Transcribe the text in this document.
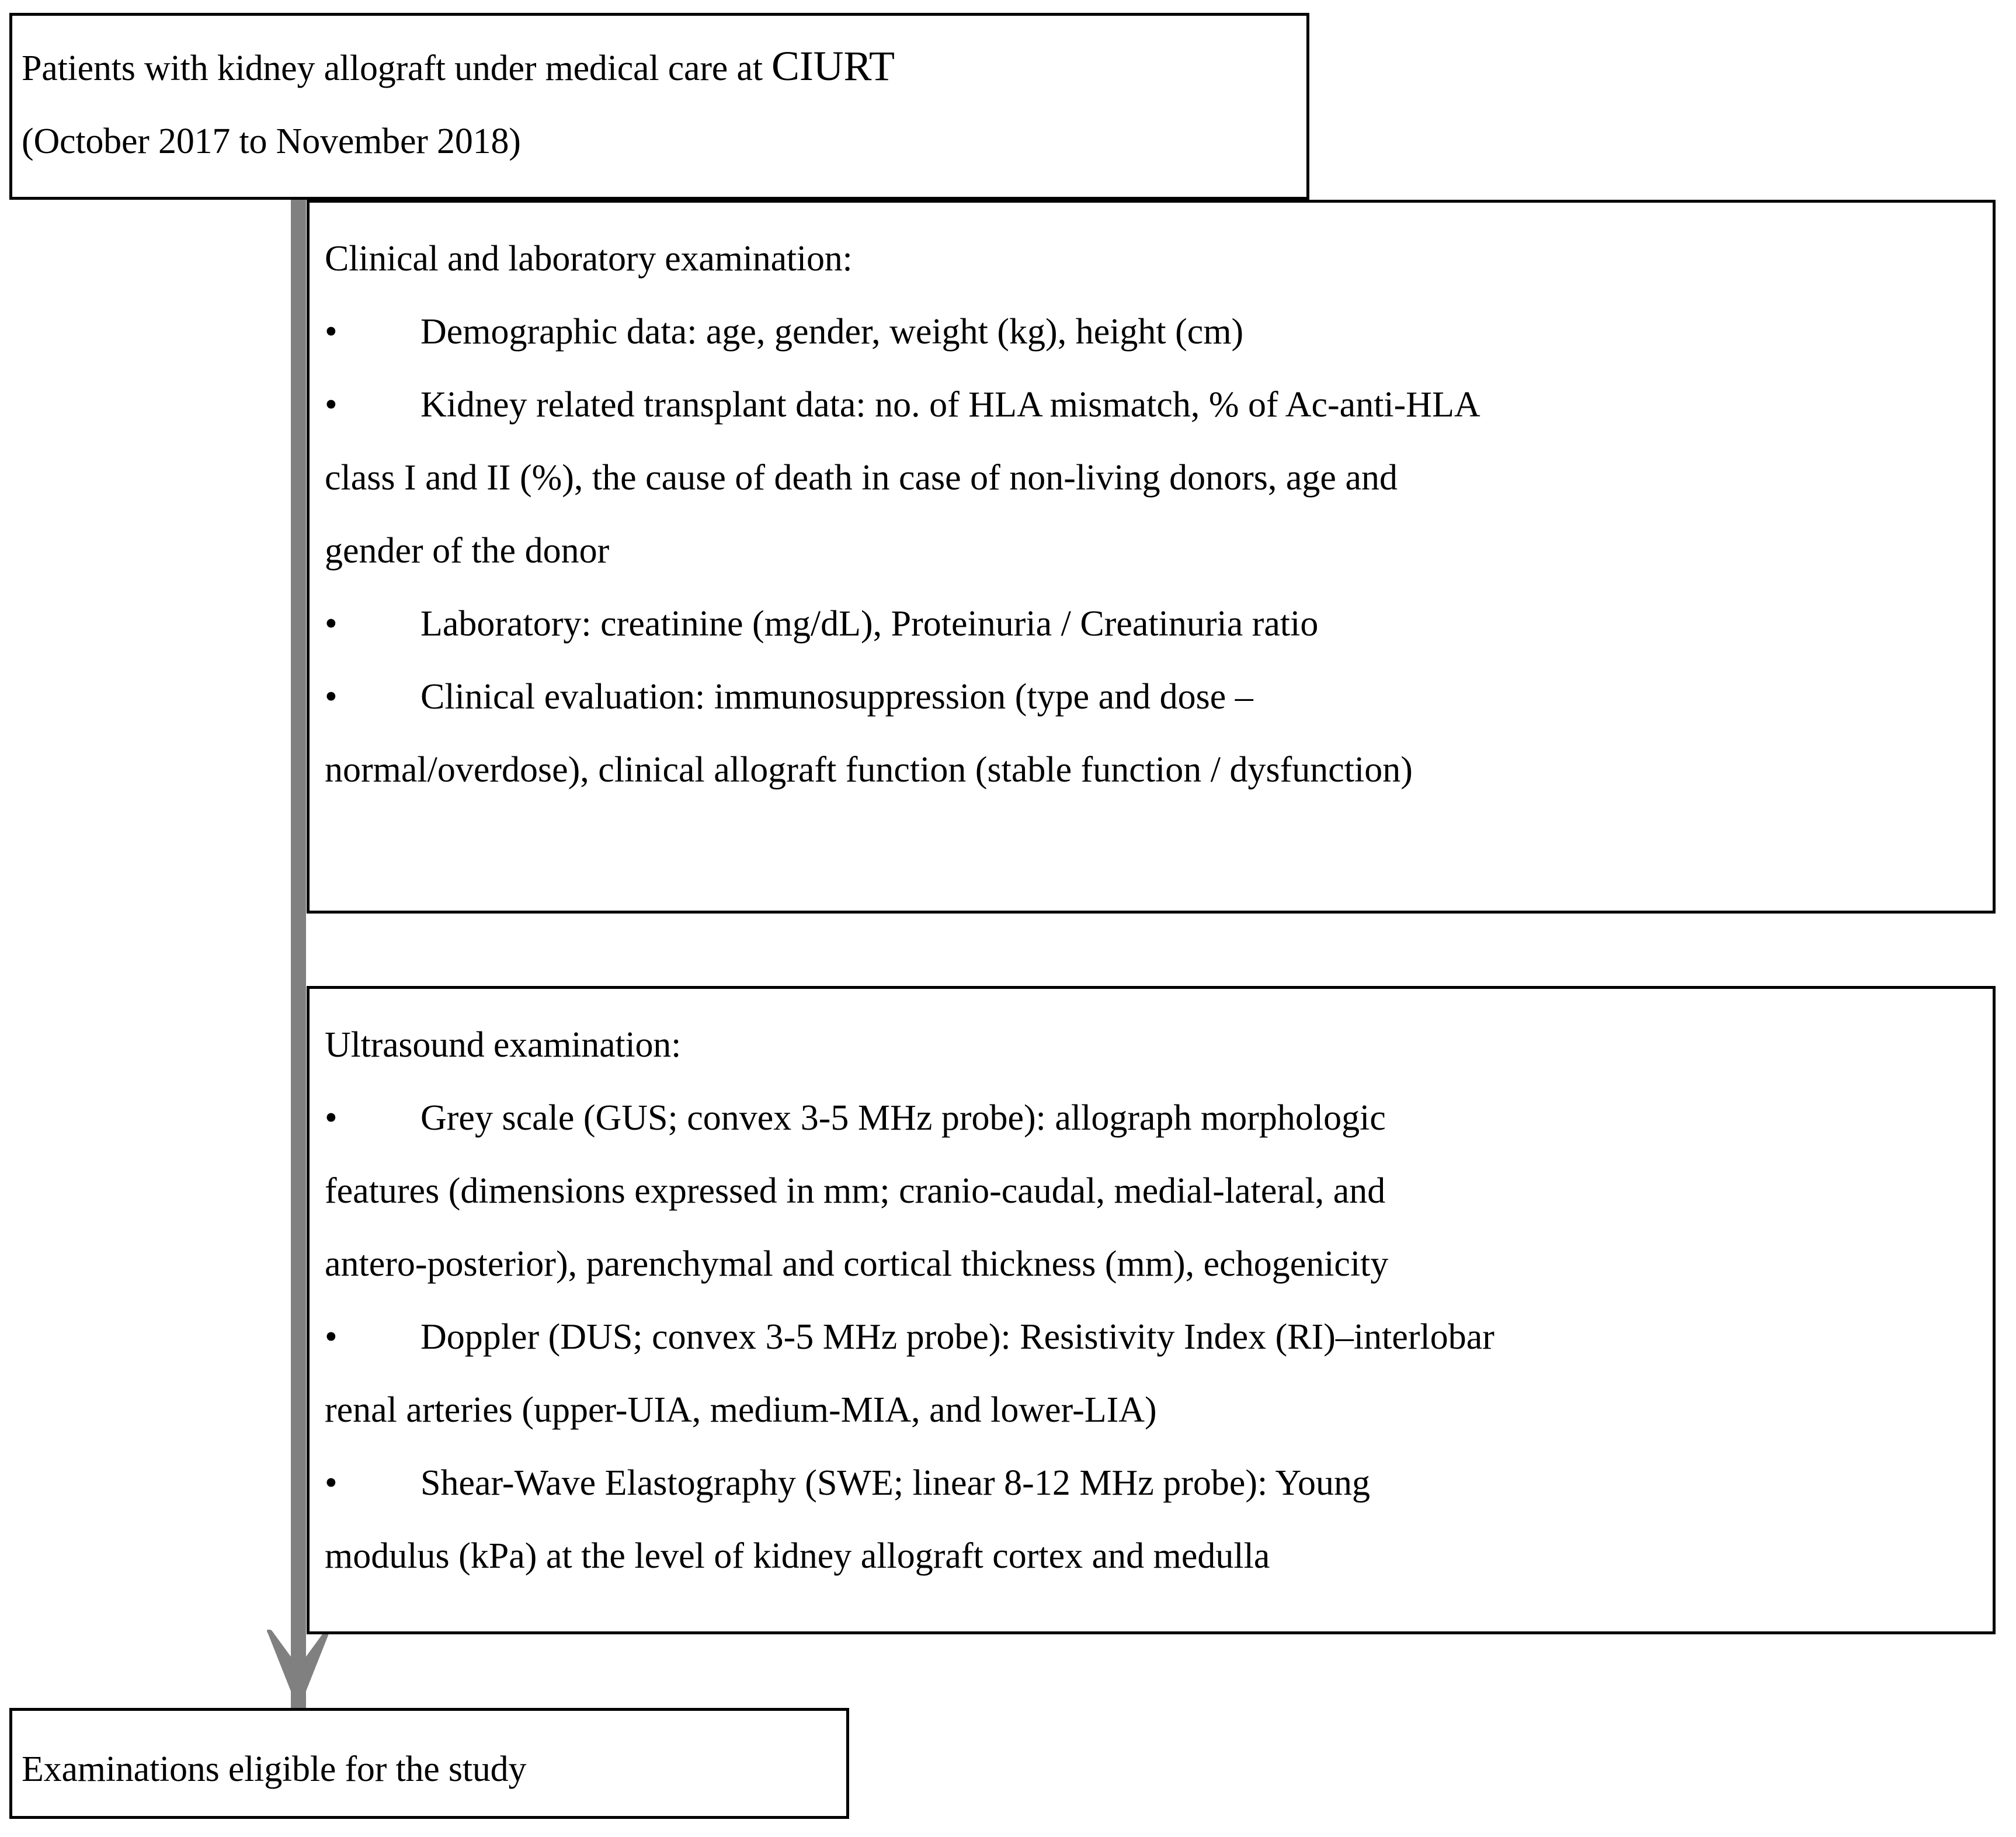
Patients with kidney allograft under medical care at CIURT
(October 2017 to November 2018)
Clinical and laboratory examination:
•	Demographic data: age, gender, weight (kg), height (cm)
•	Kidney related transplant data: no. of HLA mismatch, % of Ac-anti-HLA
class I and II (%), the cause of death in case of non-living donors, age and
gender of the donor
•	Laboratory: creatinine (mg/dL), Proteinuria / Creatinuria ratio
•	Clinical evaluation: immunosuppression (type and dose –
normal/overdose), clinical allograft function (stable function / dysfunction)
Ultrasound examination:
•	Grey scale (GUS; convex 3-5 MHz probe): allograph morphologic
features (dimensions expressed in mm; cranio-caudal, medial-lateral, and
antero-posterior), parenchymal and cortical thickness (mm), echogenicity
•	Doppler (DUS; convex 3-5 MHz probe): Resistivity Index (RI)–interlobar
renal arteries (upper-UIA, medium-MIA, and lower-LIA)
•	Shear-Wave Elastography (SWE; linear 8-12 MHz probe): Young
modulus (kPa) at the level of kidney allograft cortex and medulla
Examinations eligible for the study
